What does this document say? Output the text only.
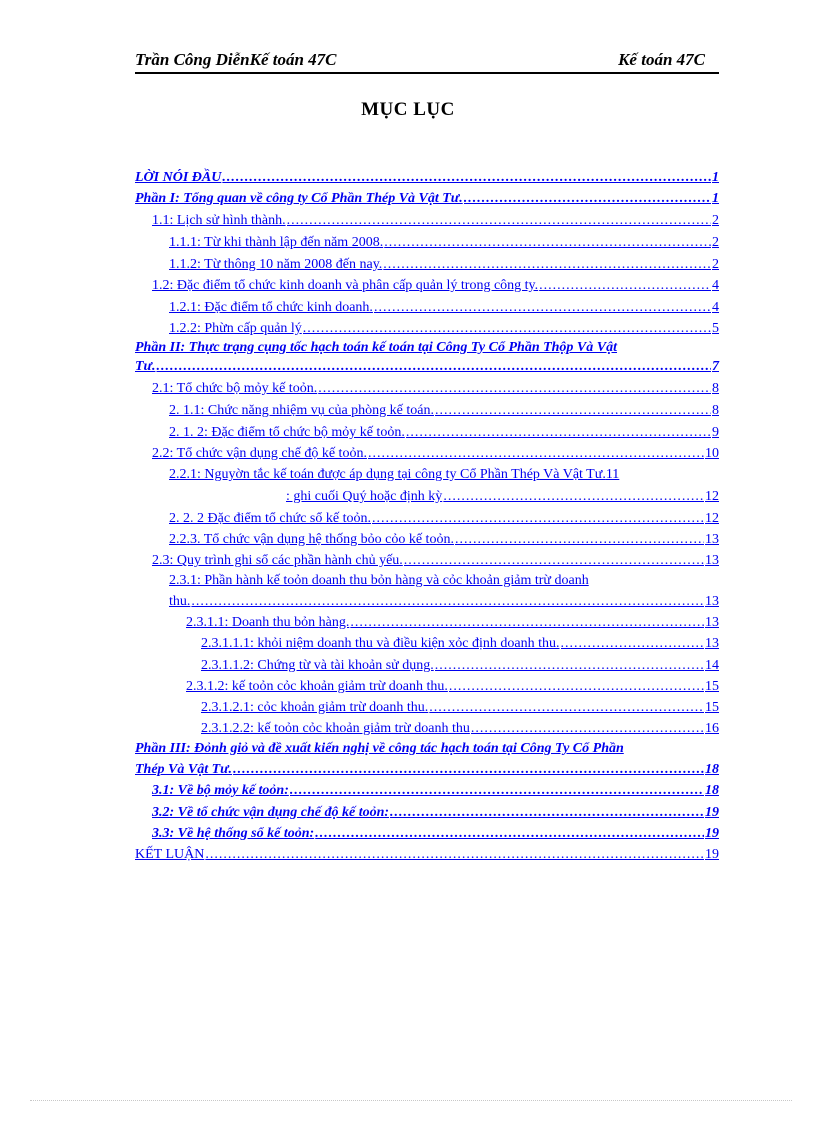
Trần Công DiễnKế toán 47C	Kế toán 47C
MỤC LỤC
LỜI NÓI ĐẦU .....	1
Phần I: Tổng quan về công ty Cổ Phần Thép Và Vật Tư. .....	1
1.1: Lịch sử hình thành. .....	2
1.1.1: Từ khi thành lập đến năm 2008. .....	2
1.1.2: Từ thông 10 năm 2008 đến nay. .....	2
1.2: Đặc điểm tổ chức kinh doanh và phân cấp quản lý trong công ty. .....	4
1.2.1: Đặc điểm tổ chức kinh doanh. .....	4
1.2.2: Phừn cấp quản lý .....	5
Phần II: Thực trạng cụng tốc hạch toán kế toán tại Công Ty Cổ Phần Thộp Và Vật
Tư. .....	7
2.1: Tổ chức bộ mỏy kế toỏn. .....	8
2. 1.1: Chức năng nhiệm vụ của phòng kế toán. .....	8
2. 1. 2: Đặc điểm tổ chức bộ mỏy kế toỏn. .....	9
2.2: Tổ chức vận dụng chế độ kế toỏn. .....	10
2.2.1: Nguyờn tắc kế toán được áp dụng tại công ty Cổ Phần Thép Và Vật Tư. 11
: ghi cuối Quý hoặc định kỳ .....	12
2. 2. 2 Đặc điểm tổ chức sổ kế toỏn. .....	12
2.2.3. Tổ chức vận dụng hệ thống bỏo cỏo kế toỏn. .....	13
2.3: Quy trình ghi sổ các phần hành chủ yếu. .....	13
2.3.1: Phần hành kế toỏn doanh thu bỏn hàng và cỏc khoản giảm trừ doanh
thu. .....	13
2.3.1.1: Doanh thu bỏn hàng. .....	13
2.3.1.1.1: khỏi niệm doanh thu và điều kiện xỏc định doanh thu. .....	13
2.3.1.1.2: Chứng từ và tài khoản sử dụng. .....	14
2.3.1.2: kế toỏn cỏc khoản giảm trừ doanh thu. .....	15
2.3.1.2.1: cỏc khoản giảm trừ doanh thu. .....	15
2.3.1.2.2: kế toỏn cỏc khoản giảm trừ doanh thu .....	16
Phần III: Đỏnh giỏ và đề xuất kiến nghị về công tác hạch toán tại Công Ty Cổ Phần
Thép Và Vật Tư. .....	18
3.1: Về bộ mỏy kế toỏn: .....	18
3.2: Về tổ chức vận dụng chế độ kế toỏn: .....	19
3.3: Về hệ thống sổ kế toỏn: .....	19
KẾT LUẬN .....	19
